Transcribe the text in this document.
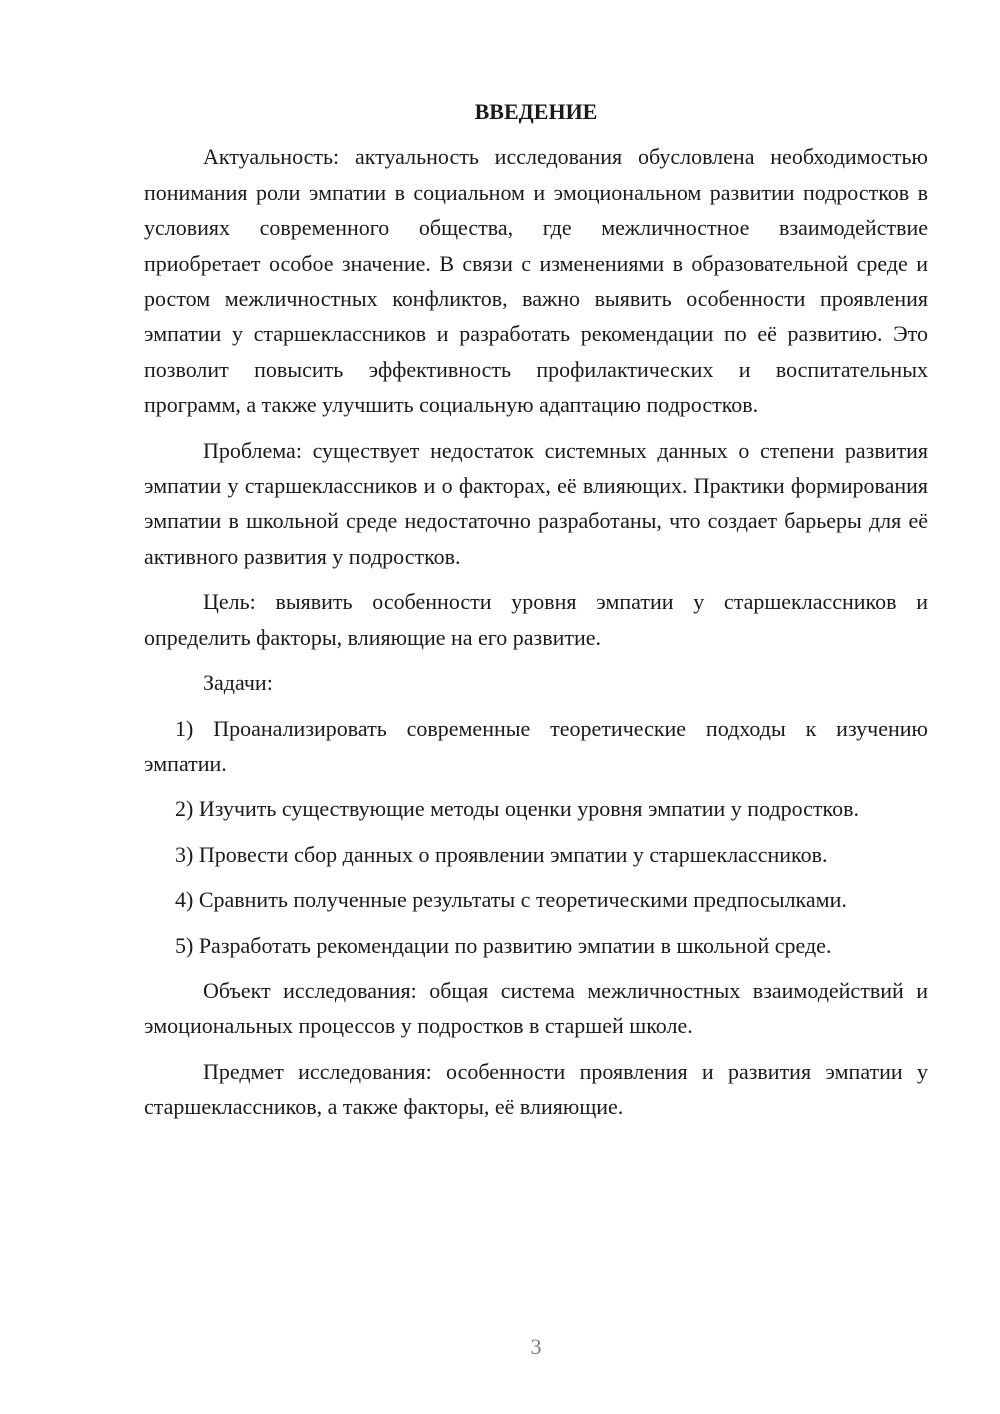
ВВЕДЕНИЕ

Актуальность: актуальность исследования обусловлена необходимостью понимания роли эмпатии в социальном и эмоциональном развитии подростков в условиях современного общества, где межличностное взаимодействие приобретает особое значение. В связи с изменениями в образовательной среде и ростом межличностных конфликтов, важно выявить особенности проявления эмпатии у старшеклассников и разработать рекомендации по её развитию. Это позволит повысить эффективность профилактических и воспитательных программ, а также улучшить социальную адаптацию подростков.

Проблема: существует недостаток системных данных о степени развития эмпатии у старшеклассников и о факторах, её влияющих. Практики формирования эмпатии в школьной среде недостаточно разработаны, что создает барьеры для её активного развития у подростков.

Цель: выявить особенности уровня эмпатии у старшеклассников и определить факторы, влияющие на его развитие.

Задачи:

1) Проанализировать современные теоретические подходы к изучению эмпатии.

2) Изучить существующие методы оценки уровня эмпатии у подростков.

3) Провести сбор данных о проявлении эмпатии у старшеклассников.

4) Сравнить полученные результаты с теоретическими предпосылками.

5) Разработать рекомендации по развитию эмпатии в школьной среде.

Объект исследования: общая система межличностных взаимодействий и эмоциональных процессов у подростков в старшей школе.

Предмет исследования: особенности проявления и развития эмпатии у старшеклассников, а также факторы, её влияющие.

3
